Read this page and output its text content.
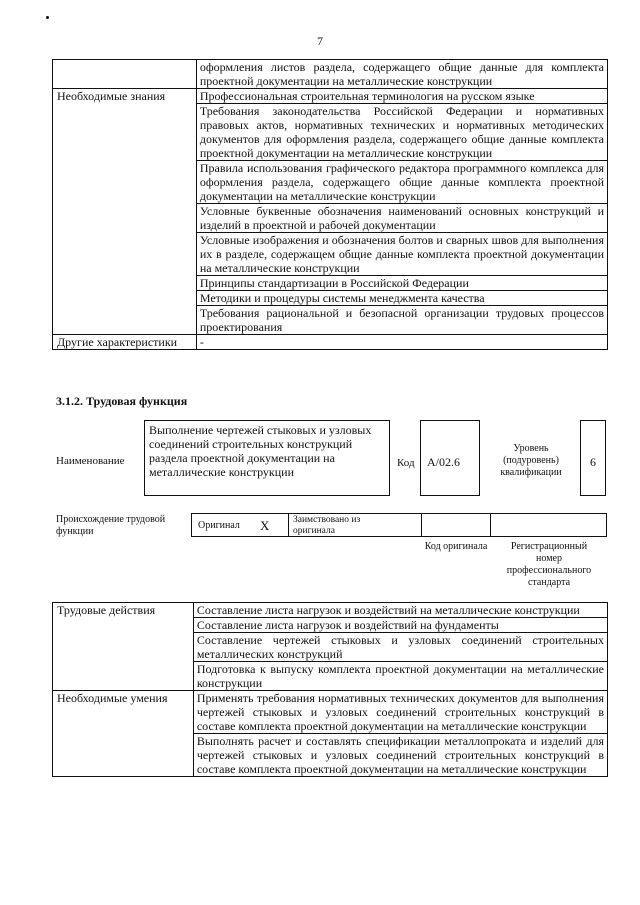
7
	оформления листов раздела, содержащего общие данные для комплекта проектной документации на металлические конструкции
Необходимые знания	Профессиональная строительная терминология на русском языке
	Требования законодательства Российской Федерации и нормативных правовых актов, нормативных технических и нормативных методических документов для оформления раздела, содержащего общие данные комплекта проектной документации на металлические конструкции
	Правила использования графического редактора программного комплекса для оформления раздела, содержащего общие данные комплекта проектной документации на металлические конструкции
	Условные буквенные обозначения наименований основных конструкций и изделий в проектной и рабочей документации
	Условные изображения и обозначения болтов и сварных швов для выполнения их в разделе, содержащем общие данные комплекта проектной документации на металлические конструкции
	Принципы стандартизации в Российской Федерации
	Методики и процедуры системы менеджмента качества
	Требования рациональной и безопасной организации трудовых процессов проектирования
Другие характеристики	-
3.1.2. Трудовая функция
Наименование
Выполнение чертежей стыковых и узловых соединений строительных конструкций раздела проектной документации на металлические конструкции
Код А/02.6
Уровень (подуровень) квалификации
6
Происхождение трудовой функции
Оригинал X Заимствовано из оригинала
Код оригинала	Регистрационный номер профессионального стандарта
Трудовые действия	Составление листа нагрузок и воздействий на металлические конструкции
	Составление листа нагрузок и воздействий на фундаменты
	Составление чертежей стыковых и узловых соединений строительных металлических конструкций
	Подготовка к выпуску комплекта проектной документации на металлические конструкции
Необходимые умения	Применять требования нормативных технических документов для выполнения чертежей стыковых и узловых соединений строительных конструкций в составе комплекта проектной документации на металлические конструкции
	Выполнять расчет и составлять спецификации металлопроката и изделий для чертежей стыковых и узловых соединений строительных конструкций в составе комплекта проектной документации на металлические конструкции
